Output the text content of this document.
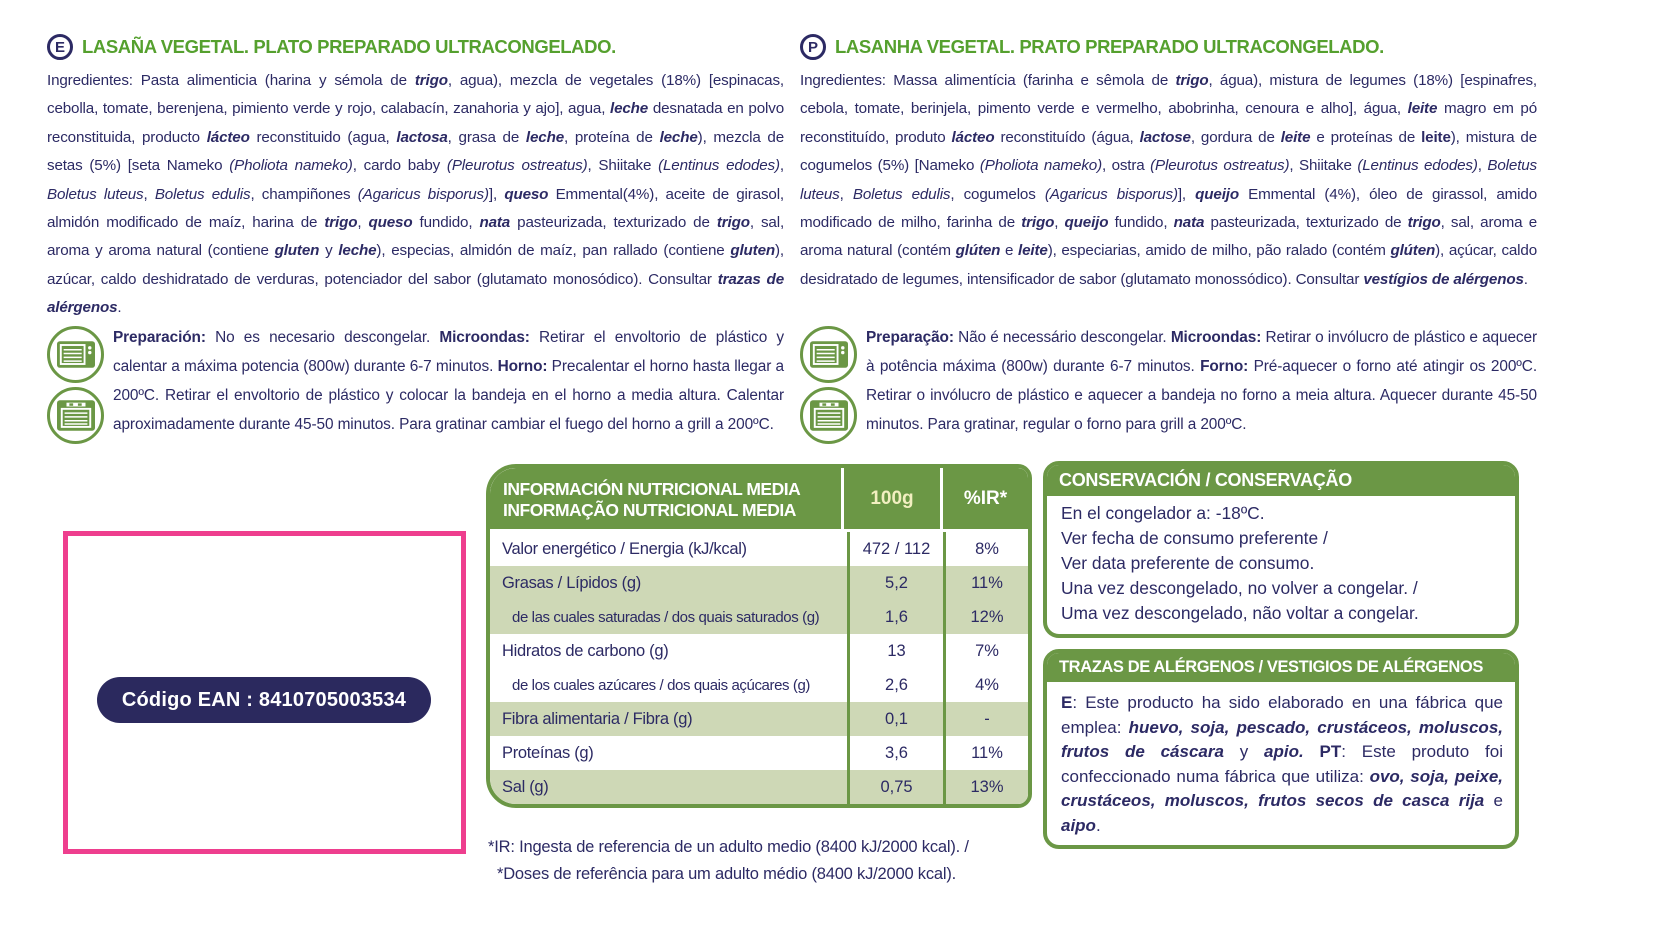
E LASAÑA VEGETAL. PLATO PREPARADO ULTRACONGELADO.
Ingredientes: Pasta alimenticia (harina y sémola de trigo, agua), mezcla de vegetales (18%) [espinacas, cebolla, tomate, berenjena, pimiento verde y rojo, calabacín, zanahoria y ajo], agua, leche desnatada en polvo reconstituida, producto lácteo reconstituido (agua, lactosa, grasa de leche, proteína de leche), mezcla de setas (5%) [seta Nameko (Pholiota nameko), cardo baby (Pleurotus ostreatus), Shiitake (Lentinus edodes), Boletus luteus, Boletus edulis, champiñones (Agaricus bisporus)], queso Emmental(4%), aceite de girasol, almidón modificado de maíz, harina de trigo, queso fundido, nata pasteurizada, texturizado de trigo, sal, aroma y aroma natural (contiene gluten y leche), especias, almidón de maíz, pan rallado (contiene gluten), azúcar, caldo deshidratado de verduras, potenciador del sabor (glutamato monosódico). Consultar trazas de alérgenos.
P LASANHA VEGETAL. PRATO PREPARADO ULTRACONGELADO.
Ingredientes: Massa alimentícia (farinha e sêmola de trigo, água), mistura de legumes (18%) [espinafres, cebola, tomate, berinjela, pimento verde e vermelho, abobrinha, cenoura e alho], água, leite magro em pó reconstituído, produto lácteo reconstituído (água, lactose, gordura de leite e proteínas de leite), mistura de cogumelos (5%) [Nameko (Pholiota nameko), ostra (Pleurotus ostreatus), Shiitake (Lentinus edodes), Boletus luteus, Boletus edulis, cogumelos (Agaricus bisporus)], queijo Emmental (4%), óleo de girassol, amido modificado de milho, farinha de trigo, queijo fundido, nata pasteurizada, texturizado de trigo, sal, aroma e aroma natural (contém glúten e leite), especiarias, amido de milho, pão ralado (contém glúten), açúcar, caldo desidratado de legumes, intensificador de sabor (glutamato monossódico). Consultar vestígios de alérgenos.
Preparación: No es necesario descongelar. Microondas: Retirar el envoltorio de plástico y calentar a máxima potencia (800w) durante 6-7 minutos. Horno: Precalentar el horno hasta llegar a 200ºC. Retirar el envoltorio de plástico y colocar la bandeja en el horno a media altura. Calentar aproximadamente durante 45-50 minutos. Para gratinar cambiar el fuego del horno a grill a 200ºC.
Preparação: Não é necessário descongelar. Microondas: Retirar o invólucro de plástico e aquecer à potência máxima (800w) durante 6-7 minutos. Forno: Pré-aquecer o forno até atingir os 200ºC. Retirar o invólucro de plástico e aquecer a bandeja no forno a meia altura. Aquecer durante 45-50 minutos. Para gratinar, regular o forno para grill a 200ºC.
Código EAN : 8410705003534
INFORMACIÓN NUTRICIONAL MEDIA
INFORMAÇÃO NUTRICIONAL MEDIA
100g	%IR*
Valor energético / Energia (kJ/kcal)	472 / 112	8%
Grasas / Lípidos (g)	5,2	11%
de las cuales saturadas / dos quais saturados (g)	1,6	12%
Hidratos de carbono (g)	13	7%
de los cuales azúcares / dos quais açúcares (g)	2,6	4%
Fibra alimentaria / Fibra (g)	0,1	-
Proteínas (g)	3,6	11%
Sal (g)	0,75	13%
*IR: Ingesta de referencia de un adulto medio (8400 kJ/2000 kcal). /
*Doses de referência para um adulto médio (8400 kJ/2000 kcal).
CONSERVACIÓN / CONSERVAÇÃO
En el congelador a: -18ºC.
Ver fecha de consumo preferente /
Ver data preferente de consumo.
Una vez descongelado, no volver a congelar. /
Uma vez descongelado, não voltar a congelar.
TRAZAS DE ALÉRGENOS / VESTIGIOS DE ALÉRGENOS
E: Este producto ha sido elaborado en una fábrica que emplea: huevo, soja, pescado, crustáceos, moluscos, frutos de cáscara y apio. PT: Este produto foi confeccionado numa fábrica que utiliza: ovo, soja, peixe, crustáceos, moluscos, frutos secos de casca rija e aipo.
